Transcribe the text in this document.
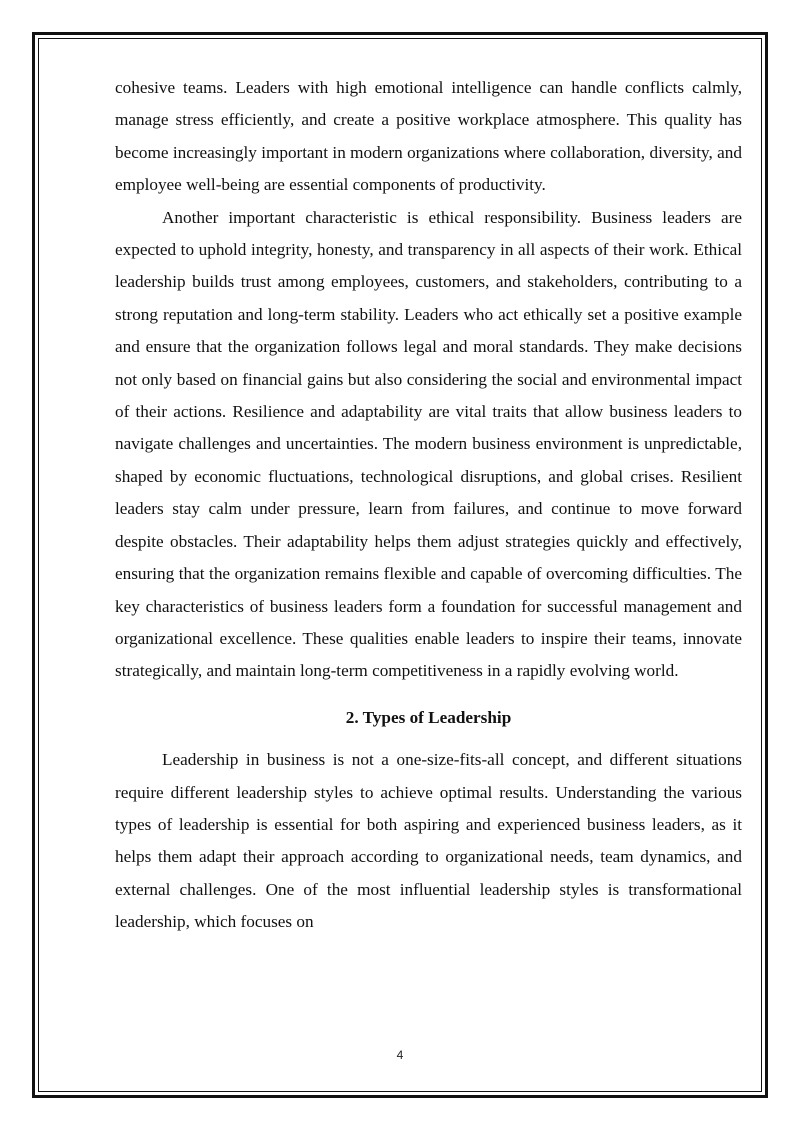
cohesive teams. Leaders with high emotional intelligence can handle conflicts calmly, manage stress efficiently, and create a positive workplace atmosphere. This quality has become increasingly important in modern organizations where collaboration, diversity, and employee well-being are essential components of productivity.

Another important characteristic is ethical responsibility. Business leaders are expected to uphold integrity, honesty, and transparency in all aspects of their work. Ethical leadership builds trust among employees, customers, and stakeholders, contributing to a strong reputation and long-term stability. Leaders who act ethically set a positive example and ensure that the organization follows legal and moral standards. They make decisions not only based on financial gains but also considering the social and environmental impact of their actions. Resilience and adaptability are vital traits that allow business leaders to navigate challenges and uncertainties. The modern business environment is unpredictable, shaped by economic fluctuations, technological disruptions, and global crises. Resilient leaders stay calm under pressure, learn from failures, and continue to move forward despite obstacles. Their adaptability helps them adjust strategies quickly and effectively, ensuring that the organization remains flexible and capable of overcoming difficulties. The key characteristics of business leaders form a foundation for successful management and organizational excellence. These qualities enable leaders to inspire their teams, innovate strategically, and maintain long-term competitiveness in a rapidly evolving world.

2. Types of Leadership

Leadership in business is not a one-size-fits-all concept, and different situations require different leadership styles to achieve optimal results. Understanding the various types of leadership is essential for both aspiring and experienced business leaders, as it helps them adapt their approach according to organizational needs, team dynamics, and external challenges. One of the most influential leadership styles is transformational leadership, which focuses on

4
